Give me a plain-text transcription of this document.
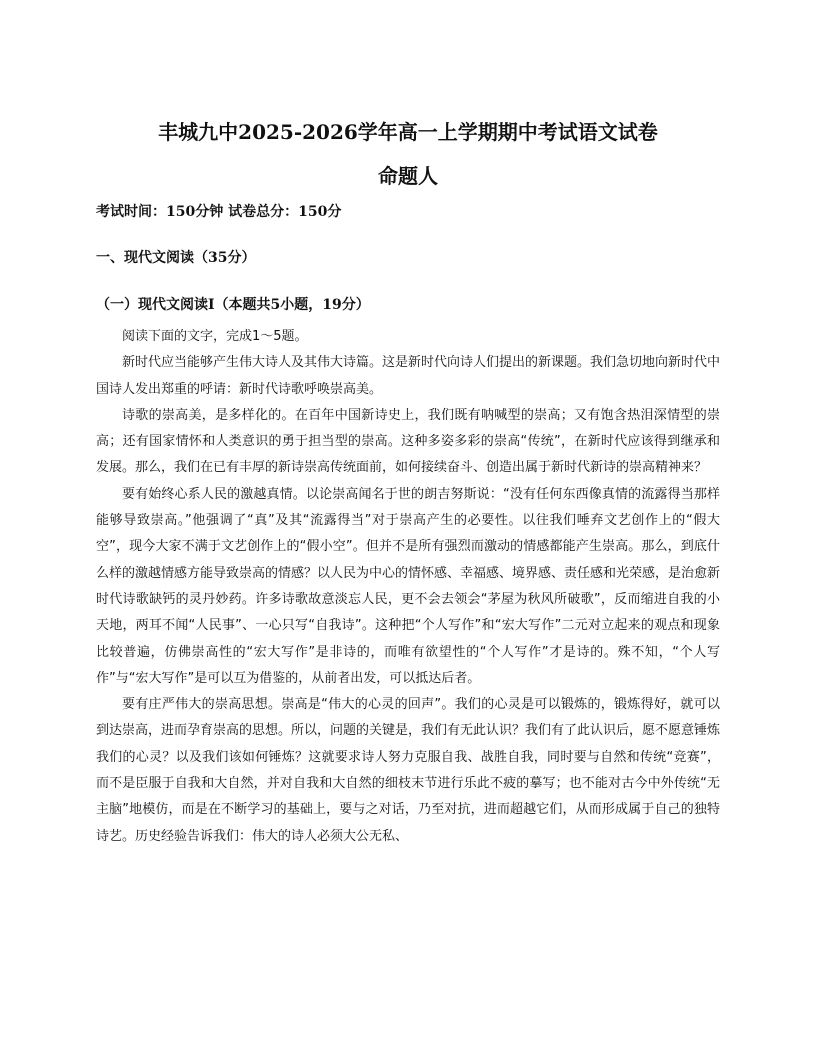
丰城九中2025-2026学年高一上学期期中考试语文试卷
命题人
考试时间：150分钟 试卷总分：150分
一、现代文阅读（35分）
（一）现代文阅读Ⅰ（本题共5小题，19分）

阅读下面的文字，完成1～5题。

新时代应当能够产生伟大诗人及其伟大诗篇。这是新时代向诗人们提出的新课题。我们急切地向新时代中国诗人发出郑重的呼请：新时代诗歌呼唤崇高美。

诗歌的崇高美，是多样化的。在百年中国新诗史上，我们既有呐喊型的崇高；又有饱含热泪深情型的崇高；还有国家情怀和人类意识的勇于担当型的崇高。这种多姿多彩的崇高“传统”，在新时代应该得到继承和发展。那么，我们在已有丰厚的新诗崇高传统面前，如何接续奋斗、创造出属于新时代新诗的崇高精神来？

要有始终心系人民的激越真情。以论崇高闻名于世的朗吉努斯说：“没有任何东西像真情的流露得当那样能够导致崇高。”他强调了“真”及其“流露得当”对于崇高产生的必要性。以往我们唾弃文艺创作上的“假大空”，现今大家不满于文艺创作上的“假小空”。但并不是所有强烈而激动的情感都能产生崇高。那么，到底什么样的激越情感方能导致崇高的情感？以人民为中心的情怀感、幸福感、境界感、责任感和光荣感，是治愈新时代诗歌缺钙的灵丹妙药。许多诗歌故意淡忘人民，更不会去领会“茅屋为秋风所破歌”，反而缩进自我的小天地，两耳不闻“人民事”、一心只写“自我诗”。这种把“个人写作”和“宏大写作”二元对立起来的观点和现象比较普遍，仿佛崇高性的“宏大写作”是非诗的，而唯有欲望性的“个人写作”才是诗的。殊不知，“个人写作”与“宏大写作”是可以互为借鉴的，从前者出发，可以抵达后者。

要有庄严伟大的崇高思想。崇高是“伟大的心灵的回声”。我们的心灵是可以锻炼的，锻炼得好，就可以到达崇高，进而孕育崇高的思想。所以，问题的关键是，我们有无此认识？我们有了此认识后，愿不愿意锤炼我们的心灵？以及我们该如何锤炼？这就要求诗人努力克服自我、战胜自我，同时要与自然和传统“竞赛”，而不是臣服于自我和大自然，并对自我和大自然的细枝末节进行乐此不疲的摹写；也不能对古今中外传统“无主脑”地模仿，而是在不断学习的基础上，要与之对话，乃至对抗，进而超越它们，从而形成属于自己的独特诗艺。历史经验告诉我们：伟大的诗人必须大公无私、
